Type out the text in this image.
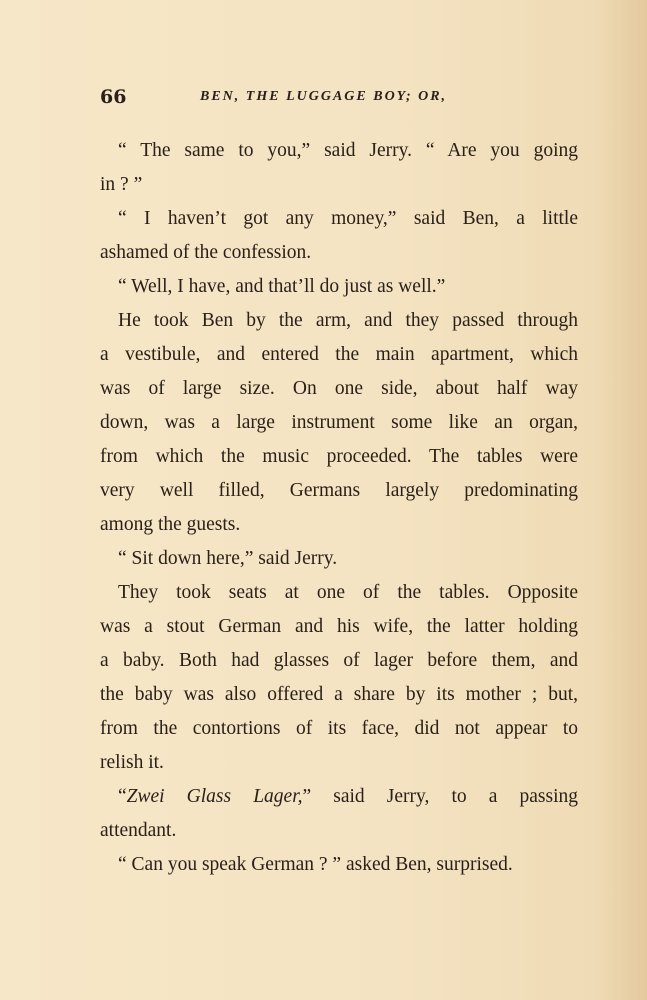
66	BEN, THE LUGGAGE BOY; OR,
“ The same to you,” said Jerry. “ Are you going
in ? ”
“ I haven’t got any money,” said Ben, a little
ashamed of the confession.
“ Well, I have, and that’ll do just as well.”
He took Ben by the arm, and they passed through
a vestibule, and entered the main apartment, which
was of large size. On one side, about half way
down, was a large instrument some like an organ,
from which the music proceeded. The tables were
very well filled, Germans largely predominating
among the guests.
“ Sit down here,” said Jerry.
They took seats at one of the tables. Opposite
was a stout German and his wife, the latter holding
a baby. Both had glasses of lager before them, and
the baby was also offered a share by its mother ; but,
from the contortions of its face, did not appear to
relish it.
“Zwei Glass Lager,” said Jerry, to a passing
attendant.
“ Can you speak German ? ” asked Ben, surprised.
